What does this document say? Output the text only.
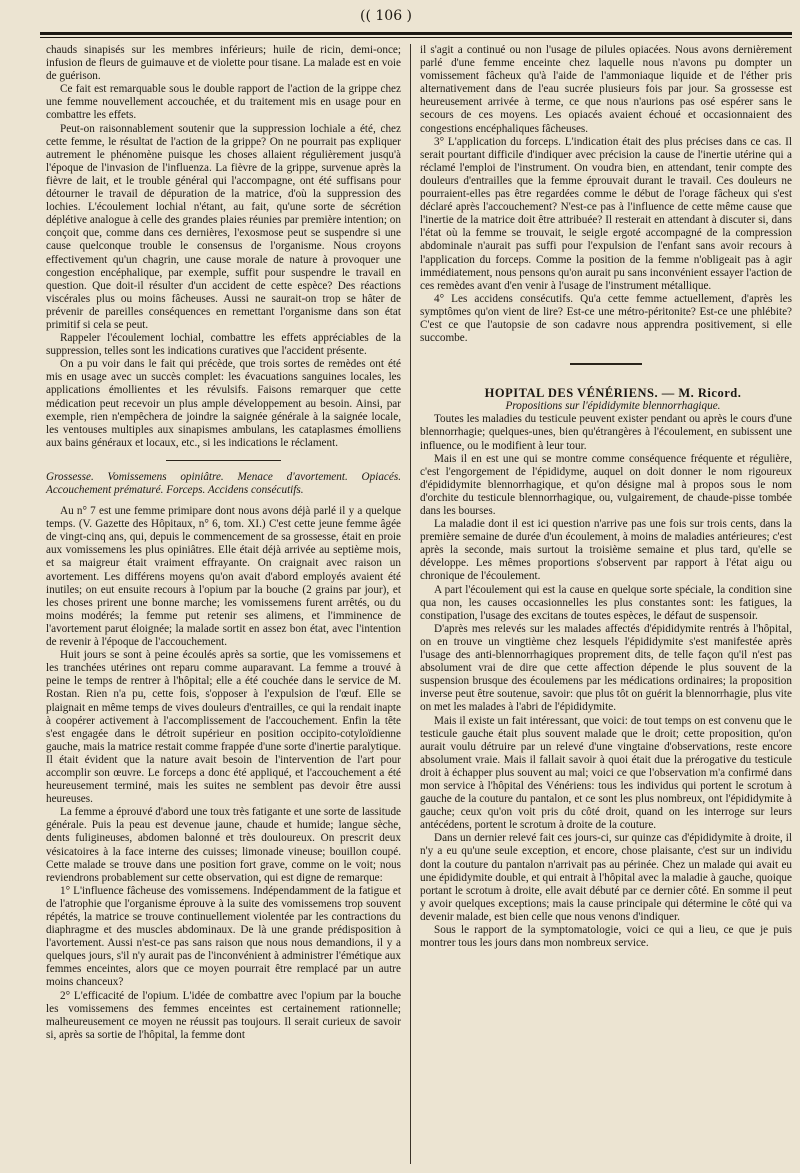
(( 106 )

chauds sinapisés sur les membres inférieurs; huile de ricin, demi-once; infusion de fleurs de guimauve et de violette pour tisane. La malade est en voie de guérison.

Ce fait est remarquable sous le double rapport de l'action de la grippe chez une femme nouvellement accouchée, et du traitement mis en usage pour en combattre les effets.

Peut-on raisonnablement soutenir que la suppression lochiale a été, chez cette femme, le résultat de l'action de la grippe? On ne pourrait pas expliquer autrement le phénomène puisque les choses allaient régulièrement jusqu'à l'époque de l'invasion de l'influenza. La fièvre de la grippe, survenue après la fièvre de lait, et le trouble général qui l'accompagne, ont été suffisans pour détourner le travail de dépuration de la matrice, d'où la suppression des lochies. L'écoulement lochial n'étant, au fait, qu'une sorte de sécrétion déplétive analogue à celle des grandes plaies réunies par première intention; on conçoit que, comme dans ces dernières, l'exosmose peut se suspendre si une cause quelconque trouble le consensus de l'organisme. Nous croyons effectivement qu'un chagrin, une cause morale de nature à provoquer une congestion encéphalique, par exemple, suffit pour suspendre le travail en question. Que doit-il résulter d'un accident de cette espèce? Des réactions viscérales plus ou moins fâcheuses. Aussi ne saurait-on trop se hâter de prévenir de pareilles conséquences en remettant l'organisme dans son état primitif si cela se peut.

Rappeler l'écoulement lochial, combattre les effets appréciables de la suppression, telles sont les indications curatives que l'accident présente.

On a pu voir dans le fait qui précède, que trois sortes de remèdes ont été mis en usage avec un succès complet: les évacuations sanguines locales, les applications émollientes et les révulsifs. Faisons remarquer que cette médication peut recevoir un plus ample développement au besoin. Ainsi, par exemple, rien n'empêchera de joindre la saignée générale à la saignée locale, les ventouses multiples aux sinapismes ambulans, les cataplasmes émolliens aux bains généraux et locaux, etc., si les indications le réclament.

Grossesse. Vomissemens opiniâtre. Menace d'avortement. Opiacés. Accouchement prématuré. Forceps. Accidens consécutifs.

Au n° 7 est une femme primipare dont nous avons déjà parlé il y a quelque temps. (V. Gazette des Hôpitaux, n° 6, tom. XI.) C'est cette jeune femme âgée de vingt-cinq ans, qui, depuis le commencement de sa grossesse, était en proie aux vomissemens les plus opiniâtres. Elle était déjà arrivée au septième mois, et sa maigreur était vraiment effrayante. On craignait avec raison un avortement. Les différens moyens qu'on avait d'abord employés avaient été inutiles; on eut ensuite recours à l'opium par la bouche (2 grains par jour), et les choses prirent une bonne marche; les vomissemens furent arrêtés, ou du moins modérés; la femme put retenir ses alimens, et l'imminence de l'avortement parut éloignée; la malade sortit en assez bon état, avec l'intention de revenir à l'époque de l'accouchement.

Huit jours se sont à peine écoulés après sa sortie, que les vomissemens et les tranchées utérines ont reparu comme auparavant. La femme a trouvé à peine le temps de rentrer à l'hôpital; elle a été couchée dans le service de M. Rostan. Rien n'a pu, cette fois, s'opposer à l'expulsion de l'œuf. Elle se plaignait en même temps de vives douleurs d'entrailles, ce qui la rendait inapte à coopérer activement à l'accomplissement de l'accouchement. Enfin la tête s'est engagée dans le détroit supérieur en position occipito-cotyloïdienne gauche, mais la matrice restait comme frappée d'une sorte d'inertie paralytique. Il était évident que la nature avait besoin de l'intervention de l'art pour accomplir son œuvre. Le forceps a donc été appliqué, et l'accouchement a été heureusement terminé, mais les suites ne semblent pas devoir être aussi heureuses.

La femme a éprouvé d'abord une toux très fatigante et une sorte de lassitude générale. Puis la peau est devenue jaune, chaude et humide; langue sèche, dents fuligineuses, abdomen balonné et très douloureux. On prescrit deux vésicatoires à la face interne des cuisses; limonade vineuse; bouillon coupé. Cette malade se trouve dans une position fort grave, comme on le voit; nous reviendrons probablement sur cette observation, qui est digne de remarque:

1° L'influence fâcheuse des vomissemens. Indépendamment de la fatigue et de l'atrophie que l'organisme éprouve à la suite des vomissemens trop souvent répétés, la matrice se trouve continuellement violentée par les contractions du diaphragme et des muscles abdominaux. De là une grande prédisposition à l'avortement. Aussi n'est-ce pas sans raison que nous nous demandions, il y a quelques jours, s'il n'y aurait pas de l'inconvénient à administrer l'émétique aux femmes enceintes, alors que ce moyen pourrait être remplacé par un autre moins chanceux?

2° L'efficacité de l'opium. L'idée de combattre avec l'opium par la bouche les vomissemens des femmes enceintes est certainement rationnelle; malheureusement ce moyen ne réussit pas toujours. Il serait curieux de savoir si, après sa sortie de l'hôpital, la femme dont

il s'agit a continué ou non l'usage de pilules opiacées. Nous avons dernièrement parlé d'une femme enceinte chez laquelle nous n'avons pu dompter un vomissement fâcheux qu'à l'aide de l'ammoniaque liquide et de l'éther pris alternativement dans de l'eau sucrée plusieurs fois par jour. Sa grossesse est heureusement arrivée à terme, ce que nous n'aurions pas osé espérer sans le secours de ces moyens. Les opiacés avaient échoué et occasionnaient des congestions encéphaliques fâcheuses.

3° L'application du forceps. L'indication était des plus précises dans ce cas. Il serait pourtant difficile d'indiquer avec précision la cause de l'inertie utérine qui a réclamé l'emploi de l'instrument. On voudra bien, en attendant, tenir compte des douleurs d'entrailles que la femme éprouvait durant le travail. Ces douleurs ne pourraient-elles pas être regardées comme le début de l'orage fâcheux qui s'est déclaré après l'accouchement? N'est-ce pas à l'influence de cette même cause que l'inertie de la matrice doit être attribuée? Il resterait en attendant à discuter si, dans l'état où la femme se trouvait, le seigle ergoté accompagné de la compression abdominale n'aurait pas suffi pour l'expulsion de l'enfant sans avoir recours à l'application du forceps. Comme la position de la femme n'obligeait pas à agir immédiatement, nous pensons qu'on aurait pu sans inconvénient essayer l'action de ces remèdes avant d'en venir à l'usage de l'instrument métallique.

4° Les accidens consécutifs. Qu'a cette femme actuellement, d'après les symptômes qu'on vient de lire? Est-ce une métro-péritonite? Est-ce une phlébite? C'est ce que l'autopsie de son cadavre nous apprendra positivement, si elle succombe.

HOPITAL DES VÉNÉRIENS. — M. Ricord.

Propositions sur l'épididymite blennorrhagique.

Toutes les maladies du testicule peuvent exister pendant ou après le cours d'une blennorrhagie; quelques-unes, bien qu'étrangères à l'écoulement, en subissent une influence, ou le modifient à leur tour.

Mais il en est une qui se montre comme conséquence fréquente et régulière, c'est l'engorgement de l'épididyme, auquel on doit donner le nom rigoureux d'épididymite blennorrhagique, et qu'on désigne mal à propos sous le nom d'orchite du testicule blennorrhagique, ou, vulgairement, de chaude-pisse tombée dans les bourses.

La maladie dont il est ici question n'arrive pas une fois sur trois cents, dans la première semaine de durée d'un écoulement, à moins de maladies antérieures; c'est après la seconde, mais surtout la troisième semaine et plus tard, qu'elle se développe. Les mêmes proportions s'observent par rapport à l'état aigu ou chronique de l'écoulement.

A part l'écoulement qui est la cause en quelque sorte spéciale, la condition sine qua non, les causes occasionnelles les plus constantes sont: les fatigues, la constipation, l'usage des excitans de toutes espèces, le défaut de suspensoir.

D'après mes relevés sur les malades affectés d'épididymite rentrés à l'hôpital, on en trouve un vingtième chez lesquels l'épididymite s'est manifestée après l'usage des anti-blennorrhagiques proprement dits, de telle façon qu'il n'est pas absolument vrai de dire que cette affection dépende le plus souvent de la suspension brusque des écoulemens par les médications ordinaires; la proposition inverse peut être soutenue, savoir: que plus tôt on guérit la blennorrhagie, plus vite on met les malades à l'abri de l'épididymite.

Mais il existe un fait intéressant, que voici: de tout temps on est convenu que le testicule gauche était plus souvent malade que le droit; cette proposition, qu'on aurait voulu détruire par un relevé d'une vingtaine d'observations, reste encore absolument vraie. Mais il fallait savoir à quoi était due la prérogative du testicule droit à échapper plus souvent au mal; voici ce que l'observation m'a confirmé dans mon service à l'hôpital des Vénériens: tous les individus qui portent le scrotum à gauche de la couture du pantalon, et ce sont les plus nombreux, ont l'épididymite à gauche; ceux qu'on voit pris du côté droit, quand on les interroge sur leurs antécédens, portent le scrotum à droite de la couture.

Dans un dernier relevé fait ces jours-ci, sur quinze cas d'épididymite à droite, il n'y a eu qu'une seule exception, et encore, chose plaisante, c'est sur un individu dont la couture du pantalon n'arrivait pas au périnée. Chez un malade qui avait eu une épididymite double, et qui entrait à l'hôpital avec la maladie à gauche, quoique portant le scrotum à droite, elle avait débuté par ce dernier côté. En somme il peut y avoir quelques exceptions; mais la cause principale qui détermine le côté qui va devenir malade, est bien celle que nous venons d'indiquer.

Sous le rapport de la symptomatologie, voici ce qui a lieu, ce que je puis montrer tous les jours dans mon nombreux service.
